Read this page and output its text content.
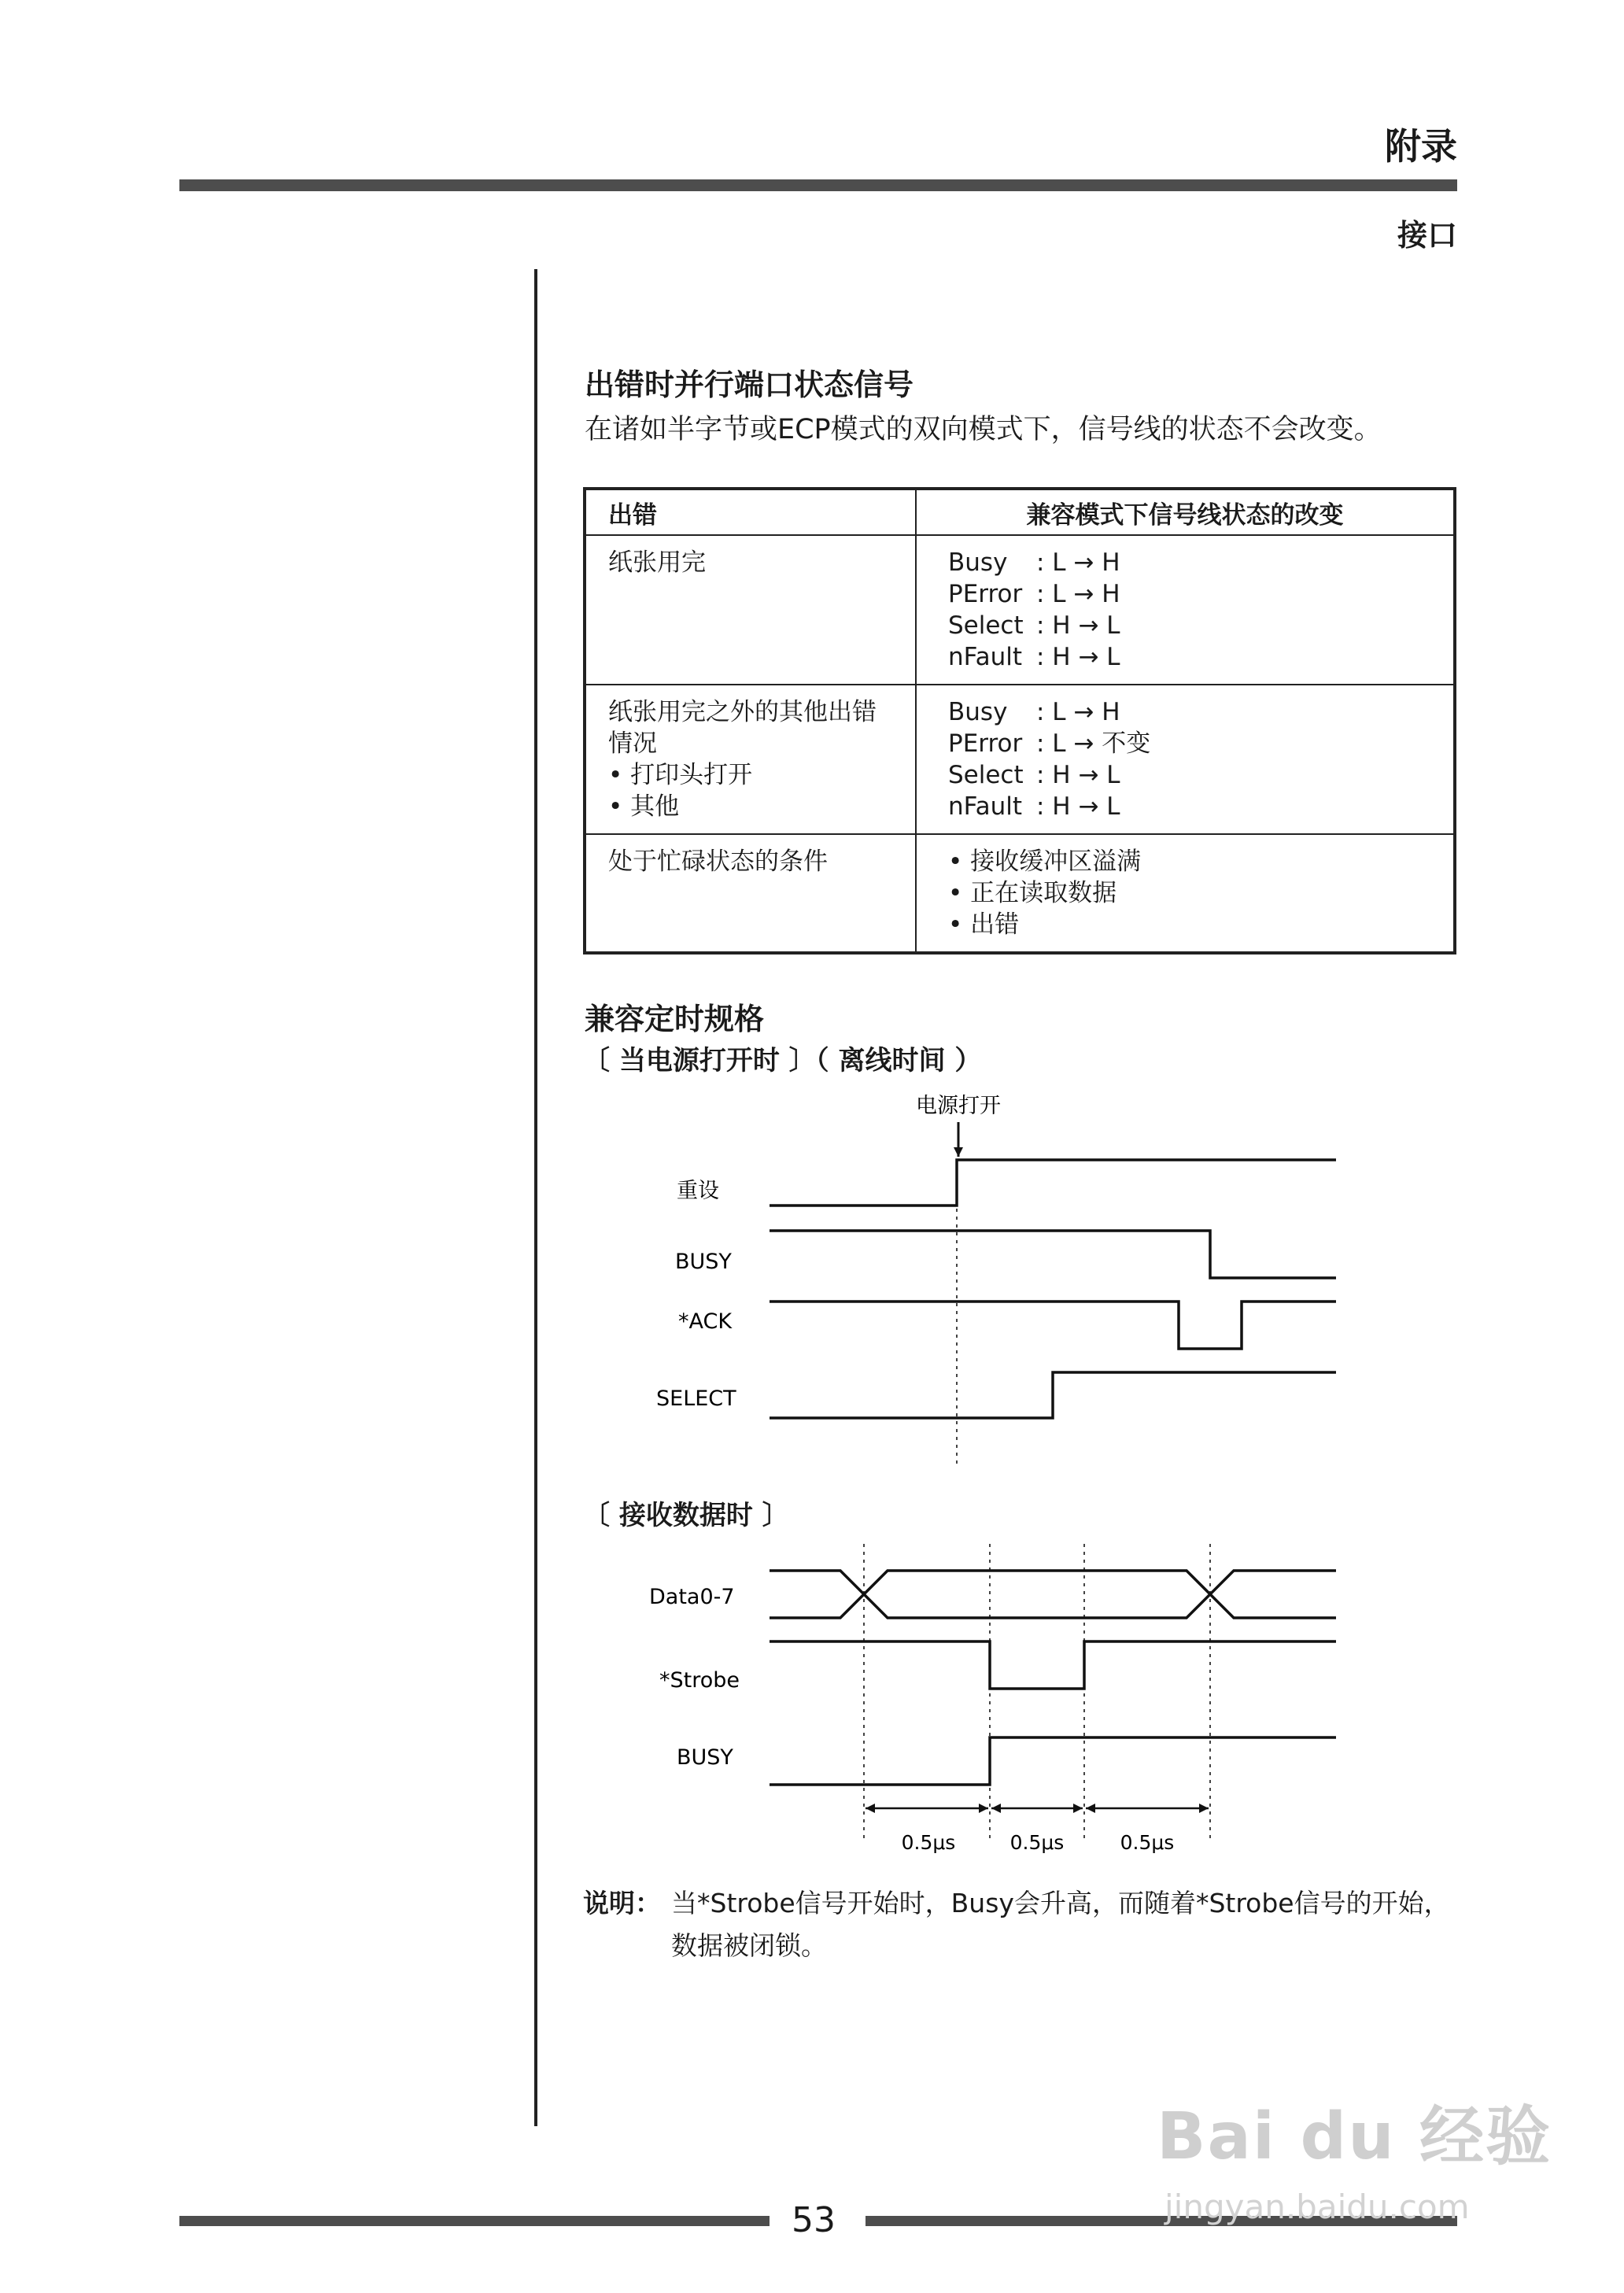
附录
接口
出错时并行端口状态信号
在诸如半字节或ECP模式的双向模式下，信号线的状态不会改变。
出错	兼容模式下信号线状态的改变

纸张用完	Busy : L → H
PError : L → H
Select : H → L
nFault : H → L

纸张用完之外的其他出错
情况
• 打印头打开
• 其他	Busy : L → H
PError : L → 不变
Select : H → L
nFault : H → L

处于忙碌状态的条件	• 接收缓冲区溢满
• 正在读取数据
• 出错
兼容定时规格
〔 当电源打开时 〕（ 离线时间 ）
电源打开
重设
BUSY
*ACK
SELECT
Data0-7
*Strobe
BUSY
0.5μs	0.5μs	0.5μs
〔 接收数据时 〕
说明： 当*Strobe信号开始时，Busy会升高，而随着*Strobe信号的开始，数据被闭锁。
53
Bai du 经验
jingyan.baidu.com
